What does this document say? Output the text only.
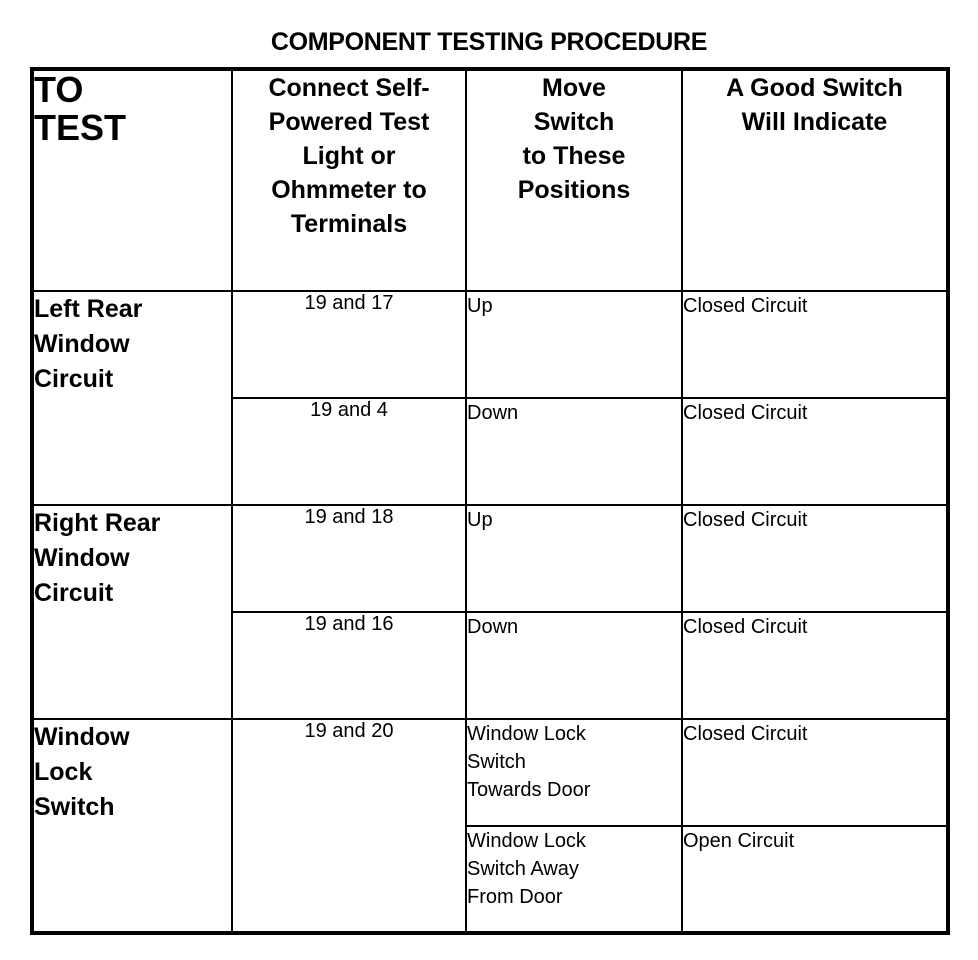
COMPONENT TESTING PROCEDURE
TO
TEST	Connect Self-
Powered Test
Light or
Ohmmeter to
Terminals	Move
Switch
to These
Positions	A Good Switch
Will Indicate

Left Rear
Window
Circuit	19 and 17	Up	Closed Circuit
	19 and 4	Down	Closed Circuit

Right Rear
Window
Circuit	19 and 18	Up	Closed Circuit
	19 and 16	Down	Closed Circuit

Window
Lock
Switch	19 and 20	Window Lock
Switch
Towards Door	Closed Circuit

		Window Lock
Switch Away
From Door	Open Circuit
